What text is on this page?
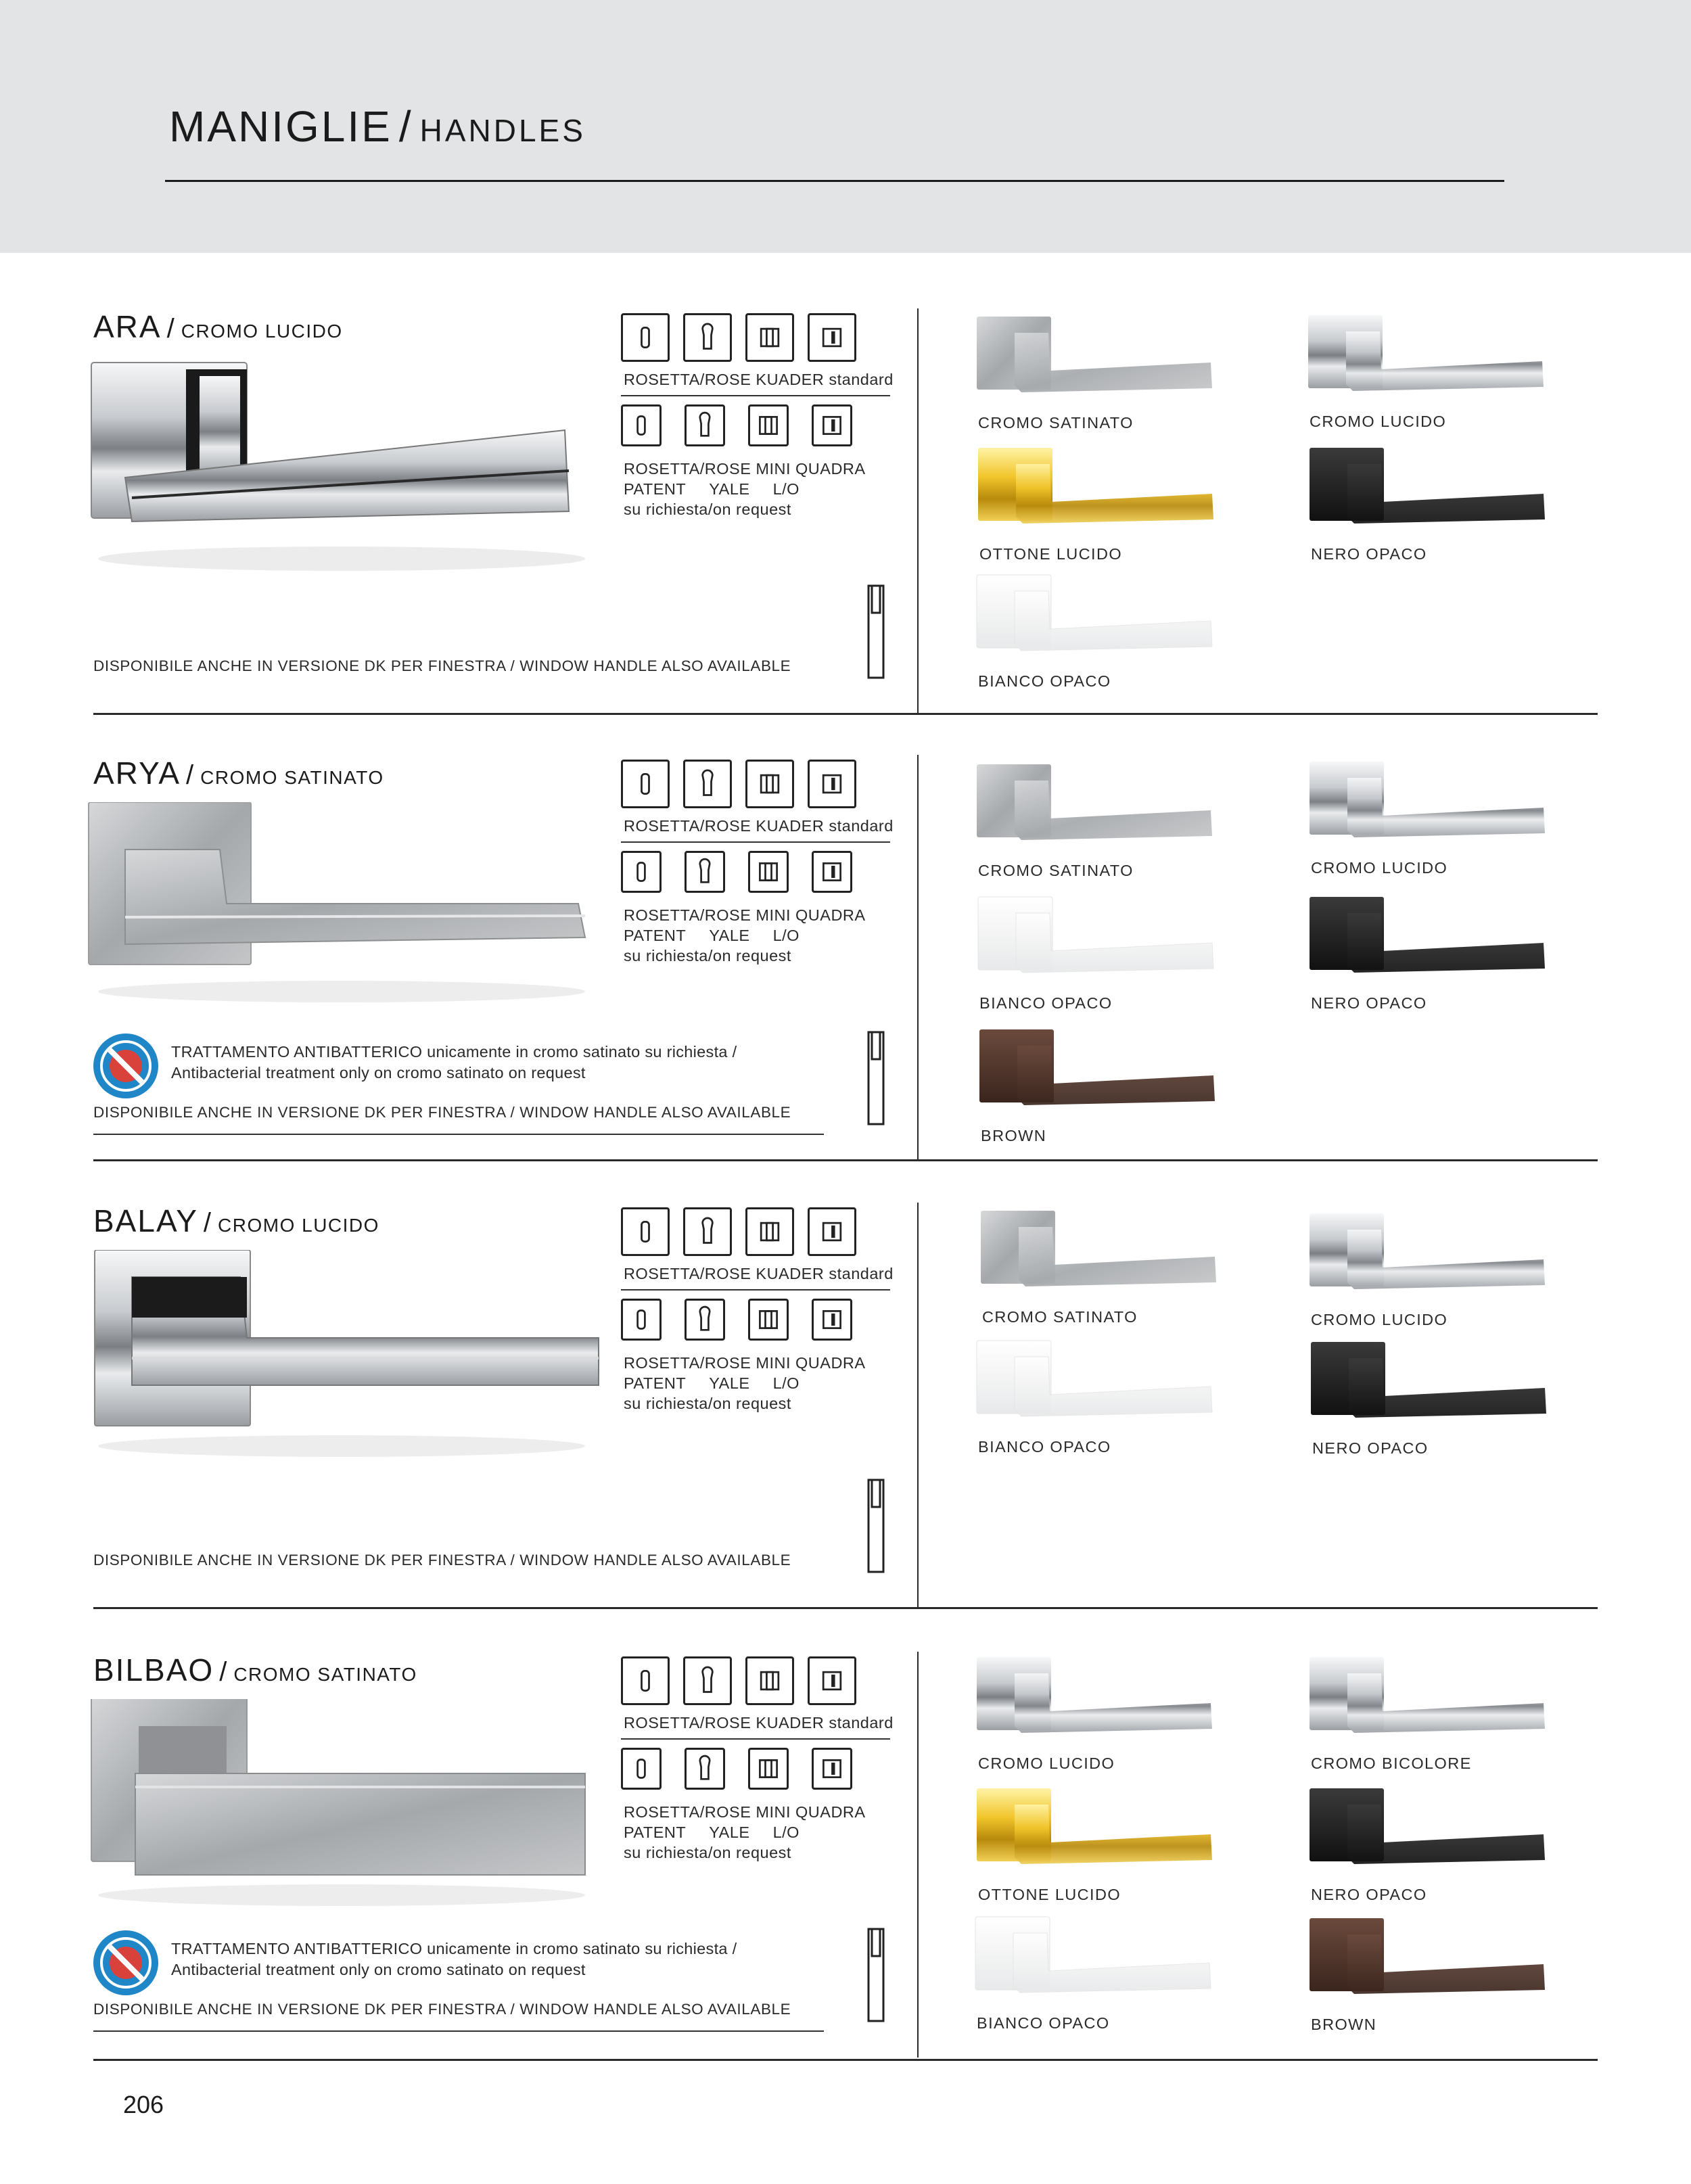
MANIGLIE / HANDLES
ARA / CROMO LUCIDO
ROSETTA/ROSE KUADER standard
ROSETTA/ROSE MINI QUADRA
PATENT YALE L/O
su richiesta/on request
DISPONIBILE ANCHE IN VERSIONE DK PER FINESTRA / WINDOW HANDLE ALSO AVAILABLE
CROMO SATINATO	CROMO LUCIDO
OTTONE LUCIDO	NERO OPACO
BIANCO OPACO
ARYA / CROMO SATINATO
ROSETTA/ROSE KUADER standard
ROSETTA/ROSE MINI QUADRA
PATENT YALE L/O
su richiesta/on request
TRATTAMENTO ANTIBATTERICO unicamente in cromo satinato su richiesta /
Antibacterial treatment only on cromo satinato on request
DISPONIBILE ANCHE IN VERSIONE DK PER FINESTRA / WINDOW HANDLE ALSO AVAILABLE
CROMO SATINATO	CROMO LUCIDO
BIANCO OPACO	NERO OPACO
BROWN
BALAY / CROMO LUCIDO
ROSETTA/ROSE KUADER standard
ROSETTA/ROSE MINI QUADRA
PATENT YALE L/O
su richiesta/on request
DISPONIBILE ANCHE IN VERSIONE DK PER FINESTRA / WINDOW HANDLE ALSO AVAILABLE
CROMO SATINATO	CROMO LUCIDO
BIANCO OPACO	NERO OPACO
BILBAO / CROMO SATINATO
ROSETTA/ROSE KUADER standard
ROSETTA/ROSE MINI QUADRA
PATENT YALE L/O
su richiesta/on request
TRATTAMENTO ANTIBATTERICO unicamente in cromo satinato su richiesta /
Antibacterial treatment only on cromo satinato on request
DISPONIBILE ANCHE IN VERSIONE DK PER FINESTRA / WINDOW HANDLE ALSO AVAILABLE
CROMO LUCIDO	CROMO BICOLORE
OTTONE LUCIDO	NERO OPACO
BIANCO OPACO	BROWN
206
